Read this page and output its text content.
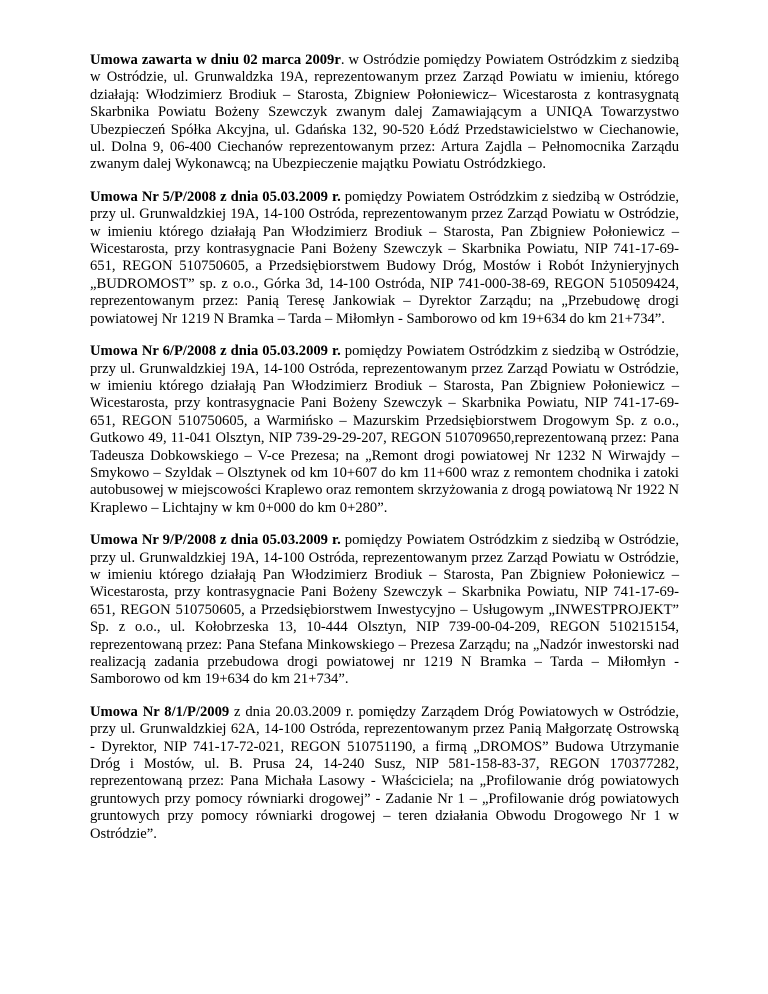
Umowa zawarta w dniu 02 marca 2009r. w Ostródzie pomiędzy Powiatem Ostródzkim z siedzibą w Ostródzie, ul. Grunwaldzka 19A, reprezentowanym przez Zarząd Powiatu w imieniu, którego działają: Włodzimierz Brodiuk – Starosta, Zbigniew Połoniewicz– Wicestarosta z kontrasygnatą Skarbnika Powiatu Bożeny Szewczyk zwanym dalej Zamawiającym a UNIQA Towarzystwo Ubezpieczeń Spółka Akcyjna, ul. Gdańska 132, 90-520 Łódź Przedstawicielstwo w Ciechanowie, ul. Dolna 9, 06-400 Ciechanów reprezentowanym przez: Artura Zajdla – Pełnomocnika Zarządu zwanym dalej Wykonawcą; na Ubezpieczenie majątku Powiatu Ostródzkiego.

Umowa Nr 5/P/2008 z dnia 05.03.2009 r. pomiędzy Powiatem Ostródzkim z siedzibą w Ostródzie, przy ul. Grunwaldzkiej 19A, 14-100 Ostróda, reprezentowanym przez Zarząd Powiatu w Ostródzie, w imieniu którego działają Pan Włodzimierz Brodiuk – Starosta, Pan Zbigniew Połoniewicz – Wicestarosta, przy kontrasygnacie Pani Bożeny Szewczyk – Skarbnika Powiatu, NIP 741-17-69-651, REGON 510750605, a Przedsiębiorstwem Budowy Dróg, Mostów i Robót Inżynieryjnych „BUDROMOST” sp. z o.o., Górka 3d, 14-100 Ostróda, NIP 741-000-38-69, REGON 510509424, reprezentowanym przez: Panią Teresę Jankowiak – Dyrektor Zarządu; na „Przebudowę drogi powiatowej Nr 1219 N Bramka – Tarda – Miłomłyn - Samborowo od km 19+634 do km 21+734”.

Umowa Nr 6/P/2008 z dnia 05.03.2009 r. pomiędzy Powiatem Ostródzkim z siedzibą w Ostródzie, przy ul. Grunwaldzkiej 19A, 14-100 Ostróda, reprezentowanym przez Zarząd Powiatu w Ostródzie, w imieniu którego działają Pan Włodzimierz Brodiuk – Starosta, Pan Zbigniew Połoniewicz – Wicestarosta, przy kontrasygnacie Pani Bożeny Szewczyk – Skarbnika Powiatu, NIP 741-17-69-651, REGON 510750605, a Warmińsko – Mazurskim Przedsiębiorstwem Drogowym Sp. z o.o., Gutkowo 49, 11-041 Olsztyn, NIP 739-29-29-207, REGON 510709650,reprezentowaną przez: Pana Tadeusza Dobkowskiego – V-ce Prezesa; na „Remont drogi powiatowej Nr 1232 N Wirwajdy – Smykowo – Szyldak – Olsztynek od km 10+607 do km 11+600 wraz z remontem chodnika i zatoki autobusowej w miejscowości Kraplewo oraz remontem skrzyżowania z drogą powiatową Nr 1922 N Kraplewo – Lichtajny w km 0+000 do km 0+280”.

Umowa Nr 9/P/2008 z dnia 05.03.2009 r. pomiędzy Powiatem Ostródzkim z siedzibą w Ostródzie, przy ul. Grunwaldzkiej 19A, 14-100 Ostróda, reprezentowanym przez Zarząd Powiatu w Ostródzie, w imieniu którego działają Pan Włodzimierz Brodiuk – Starosta, Pan Zbigniew Połoniewicz – Wicestarosta, przy kontrasygnacie Pani Bożeny Szewczyk – Skarbnika Powiatu, NIP 741-17-69-651, REGON 510750605, a Przedsiębiorstwem Inwestycyjno – Usługowym „INWESTPROJEKT” Sp. z o.o., ul. Kołobrzeska 13, 10-444 Olsztyn, NIP 739-00-04-209, REGON 510215154, reprezentowaną przez: Pana Stefana Minkowskiego – Prezesa Zarządu; na „Nadzór inwestorski nad realizacją zadania przebudowa drogi powiatowej nr 1219 N Bramka – Tarda – Miłomłyn - Samborowo od km 19+634 do km 21+734”.

Umowa Nr 8/1/P/2009 z dnia 20.03.2009 r. pomiędzy Zarządem Dróg Powiatowych w Ostródzie, przy ul. Grunwaldzkiej 62A, 14-100 Ostróda, reprezentowanym przez Panią Małgorzatę Ostrowską - Dyrektor, NIP 741-17-72-021, REGON 510751190, a firmą „DROMOS” Budowa Utrzymanie Dróg i Mostów, ul. B. Prusa 24, 14-240 Susz, NIP 581-158-83-37, REGON 170377282, reprezentowaną przez: Pana Michała Lasowy - Właściciela; na „Profilowanie dróg powiatowych gruntowych przy pomocy równiarki drogowej” - Zadanie Nr 1 – „Profilowanie dróg powiatowych gruntowych przy pomocy równiarki drogowej – teren działania Obwodu Drogowego Nr 1 w Ostródzie”.
